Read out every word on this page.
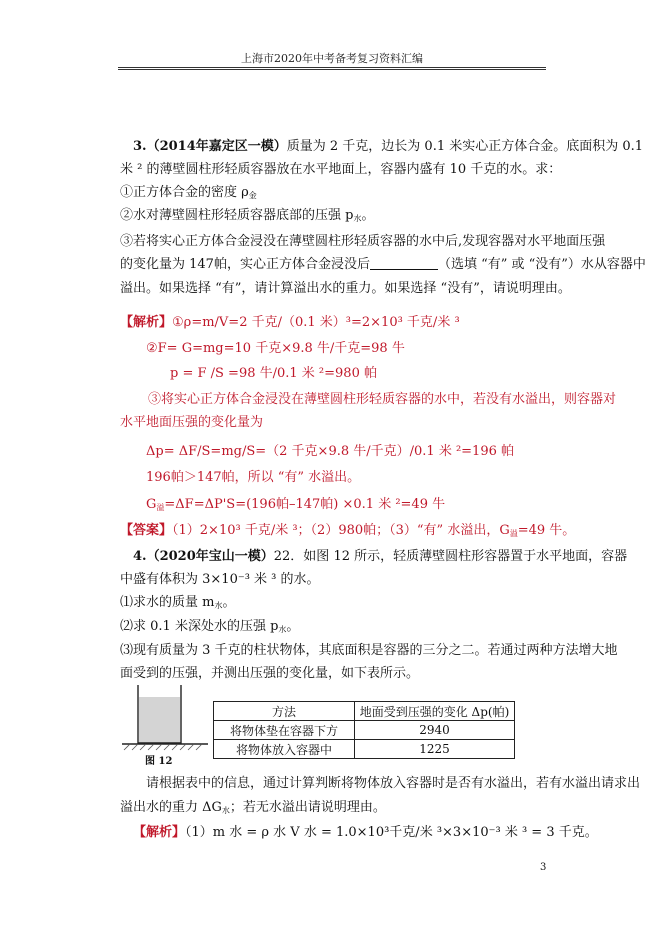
上海市2020年中考备考复习资料汇编
3.（2014年嘉定区一模）质量为 2 千克，边长为 0.1 米实心正方体合金。底面积为 0.1
米 ² 的薄壁圆柱形轻质容器放在水平地面上，容器内盛有 10 千克的水。求：
①正方体合金的密度 $\rho_金$
②水对薄壁圆柱形轻质容器底部的压强 $p_水$。
③若将实心正方体合金浸没在薄壁圆柱形轻质容器的水中后,发现容器对水平地面压强
的变化量为 147帕，实心正方体合金浸没后	（选填 “有” 或 “没有”）水从容器中
溢出。如果选择 “有”，请计算溢出水的重力。如果选择 “没有”，请说明理由。
【解析】①ρ=m/V=2 千克/（0.1 米）³=2×10³ 千克/米 ³
②F= G=mg=10 千克×9.8 牛/千克=98 牛
p = F /S =98 牛/0.1 米 ²=980 帕
③将实心正方体合金浸没在薄壁圆柱形轻质容器的水中，若没有水溢出，则容器对
水平地面压强的变化量为
Δp= ΔF/S=mg/S=（2 千克×9.8 牛/千克）/0.1 米 ²=196 帕
196帕＞147帕，所以 “有” 水溢出。
$G_溢=\Delta F=\Delta P'S=(196$帕–147帕) ×0.1 米 ²=49 牛
【答案】（1）2×10³ 千克/米 ³；（2）980帕；（3）“有” 水溢出，$G_溢=49$ 牛。
4.（2020年宝山一模）22．如图 12 所示，轻质薄壁圆柱形容器置于水平地面，容器
中盛有体积为 3×10⁻³ 米 ³ 的水。
⑴求水的质量 $m_水$。
⑵求 0.1 米深处水的压强 $p_水$。
⑶现有质量为 3 千克的柱状物体，其底面积是容器的三分之二。若通过两种方法增大地
面受到的压强，并测出压强的变化量，如下表所示。
图 12
方法	地面受到压强的变化 Δp(帕)
将物体垫在容器下方	2940
将物体放入容器中	1225
请根据表中的信息，通过计算判断将物体放入容器时是否有水溢出，若有水溢出请求出
溢出水的重力 $\Delta G_水$；若无水溢出请说明理由。
【解析】（1）m 水 = ρ 水 V 水 = 1.0×10³千克/米 ³×3×10⁻³ 米 ³ = 3 千克。
3
